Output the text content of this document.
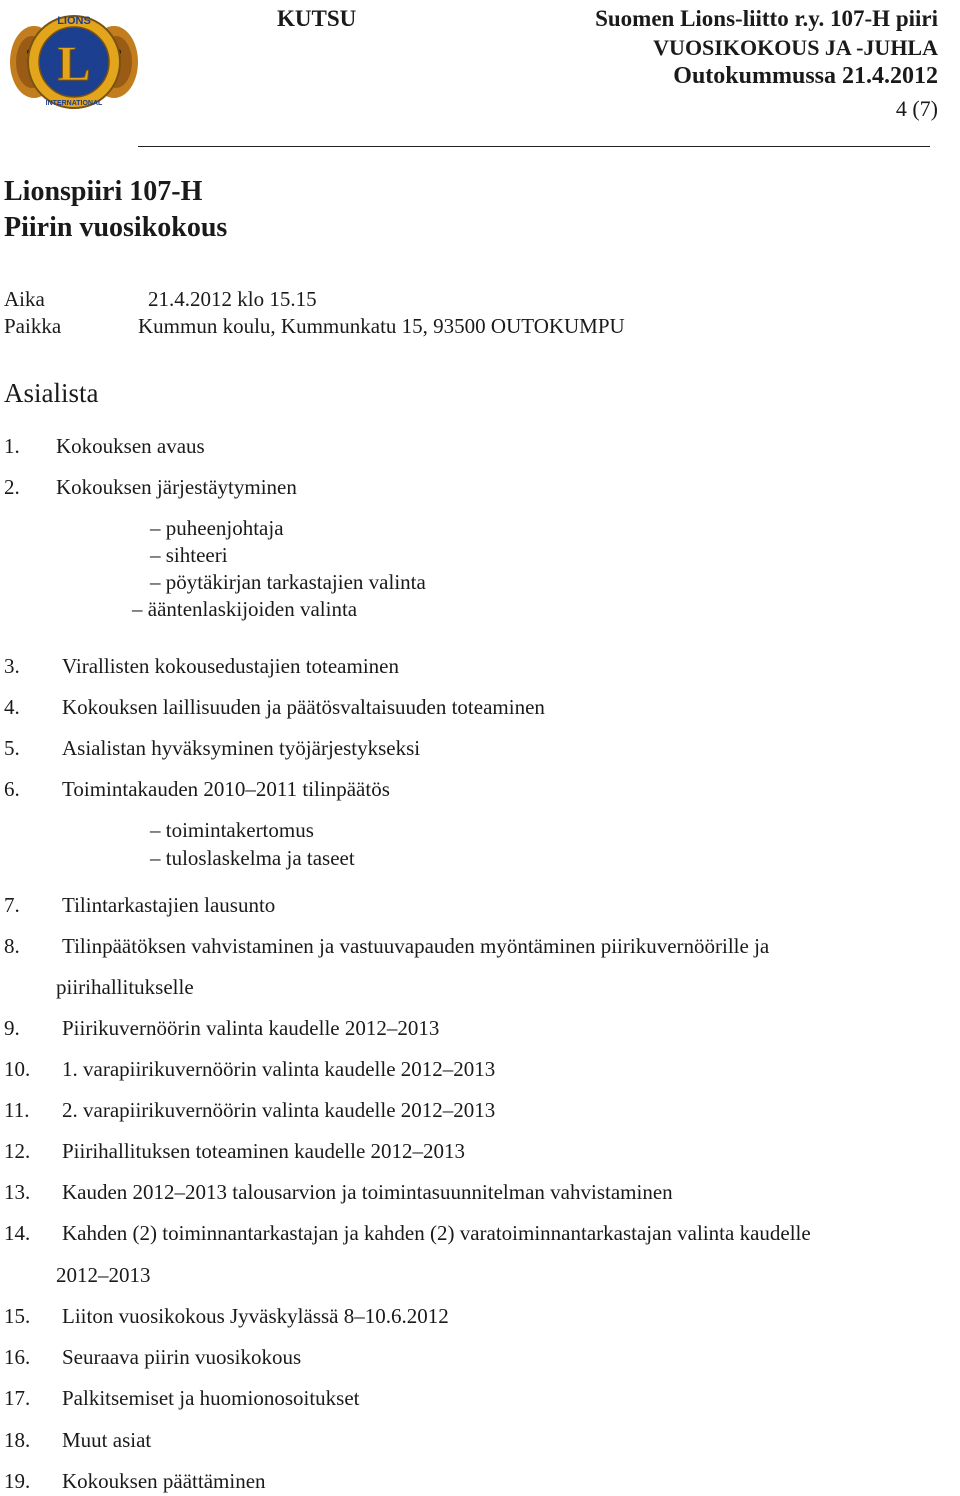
L
LIONS
INTERNATIONAL
KUTSU	Suomen Lions-liitto r.y. 107-H piiri
VUOSIKOKOUS JA -JUHLA
Outokummussa 21.4.2012
4 (7)
Lionspiiri 107-H
Piirin vuosikokous
Aika	21.4.2012 klo 15.15
Paikka	Kummun koulu, Kummunkatu 15, 93500 OUTOKUMPU
Asialista
1. Kokouksen avaus
2. Kokouksen järjestäytyminen
– puheenjohtaja
– sihteeri
– pöytäkirjan tarkastajien valinta
– ääntenlaskijoiden valinta
3. Virallisten kokousedustajien toteaminen
4. Kokouksen laillisuuden ja päätösvaltaisuuden toteaminen
5. Asialistan hyväksyminen työjärjestykseksi
6. Toimintakauden 2010–2011 tilinpäätös
– toimintakertomus
– tuloslaskelma ja taseet
7. Tilintarkastajien lausunto
8. Tilinpäätöksen vahvistaminen ja vastuuvapauden myöntäminen piirikuvernöörille ja
piirihallitukselle
9. Piirikuvernöörin valinta kaudelle 2012–2013
10. 1. varapiirikuvernöörin valinta kaudelle 2012–2013
11. 2. varapiirikuvernöörin valinta kaudelle 2012–2013
12. Piirihallituksen toteaminen kaudelle 2012–2013
13. Kauden 2012–2013 talousarvion ja toimintasuunnitelman vahvistaminen
14. Kahden (2) toiminnantarkastajan ja kahden (2) varatoiminnantarkastajan valinta kaudelle
2012–2013
15. Liiton vuosikokous Jyväskylässä 8–10.6.2012
16. Seuraava piirin vuosikokous
17. Palkitsemiset ja huomionosoitukset
18. Muut asiat
19. Kokouksen päättäminen
